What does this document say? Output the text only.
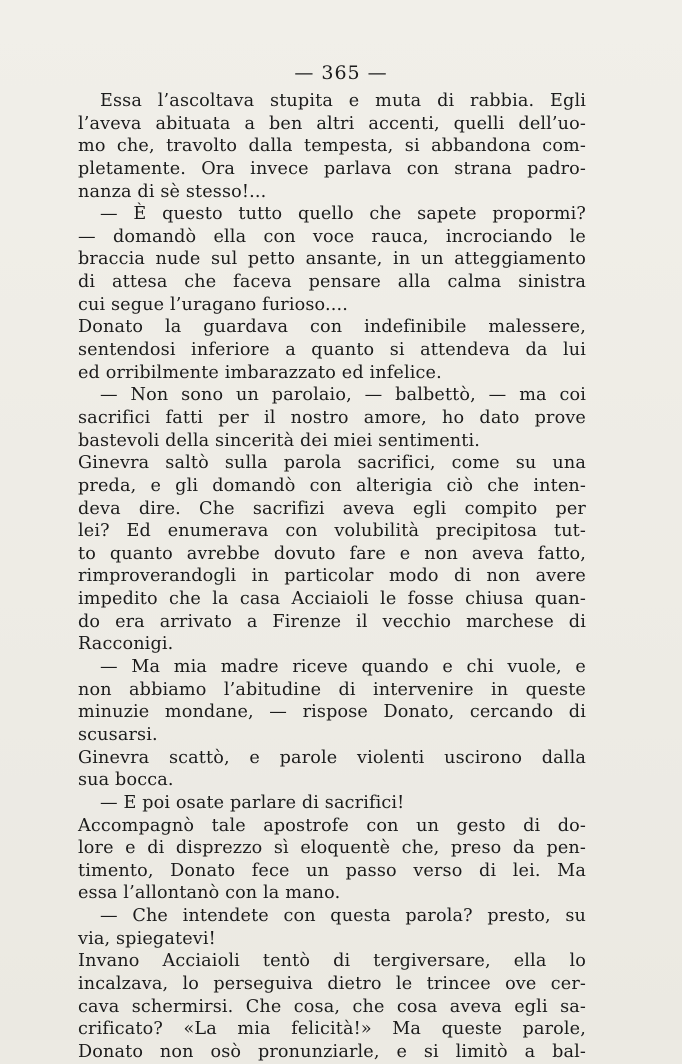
— 365 —
Essa l’ascoltava stupita e muta di rabbia. Egli
l’aveva abituata a ben altri accenti, quelli dell’uo-
mo che, travolto dalla tempesta, si abbandona com-
pletamente. Ora invece parlava con strana padro-
nanza di sè stesso!...
— È questo tutto quello che sapete propormi?
— domandò ella con voce rauca, incrociando le
braccia nude sul petto ansante, in un atteggiamento
di attesa che faceva pensare alla calma sinistra
cui segue l’uragano furioso....
Donato la guardava con indefinibile malessere,
sentendosi inferiore a quanto si attendeva da lui
ed orribilmente imbarazzato ed infelice.
— Non sono un parolaio, — balbettò, — ma coi
sacrifici fatti per il nostro amore, ho dato prove
bastevoli della sincerità dei miei sentimenti.
Ginevra saltò sulla parola sacrifici, come su una
preda, e gli domandò con alterigia ciò che inten-
deva dire. Che sacrifizi aveva egli compito per
lei? Ed enumerava con volubilità precipitosa tut-
to quanto avrebbe dovuto fare e non aveva fatto,
rimproverandogli in particolar modo di non avere
impedito che la casa Acciaioli le fosse chiusa quan-
do era arrivato a Firenze il vecchio marchese di
Racconigi.
— Ma mia madre riceve quando e chi vuole, e
non abbiamo l’abitudine di intervenire in queste
minuzie mondane, — rispose Donato, cercando di
scusarsi.
Ginevra scattò, e parole violenti uscirono dalla
sua bocca.
— E poi osate parlare di sacrifici!
Accompagnò tale apostrofe con un gesto di do-
lore e di disprezzo sì eloquentè che, preso da pen-
timento, Donato fece un passo verso di lei. Ma
essa l’allontanò con la mano.
— Che intendete con questa parola? presto, su
via, spiegatevi!
Invano Acciaioli tentò di tergiversare, ella lo
incalzava, lo perseguiva dietro le trincee ove cer-
cava schermirsi. Che cosa, che cosa aveva egli sa-
crificato? «La mia felicità!» Ma queste parole,
Donato non osò pronunziarle, e si limitò a bal-
